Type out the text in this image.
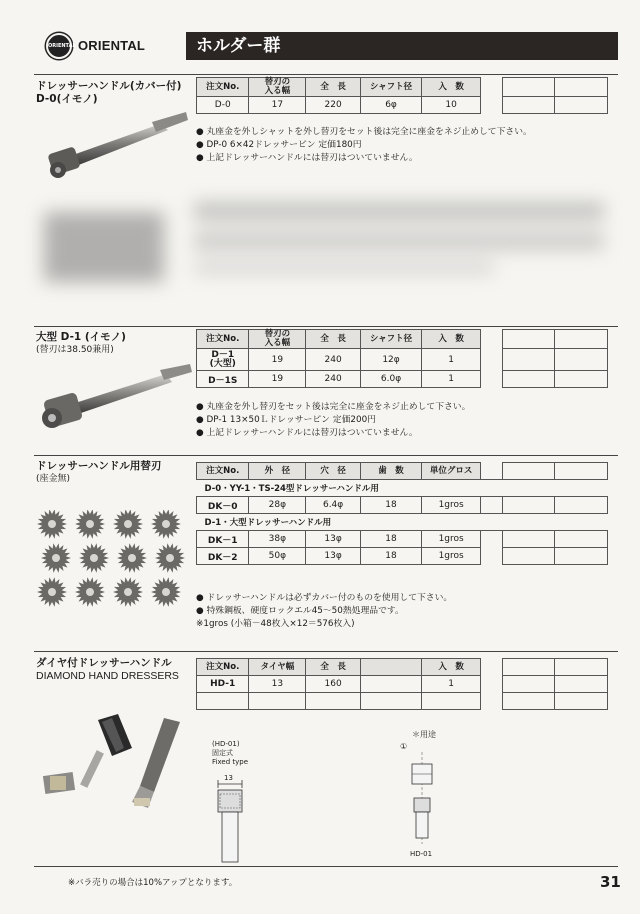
ORIENTAL ORIENTAL	ホルダー群
ドレッサーハンドル(カバー付)
D-0(イモノ)
注文No.	替刃の
入る幅	全　長	シャフト径	入　数			
D-0	17	220	6φ	10			
● 丸座金を外しシャットを外し替刃をセット後は完全に座金をネジ止めして下さい。
● DP-0 6×42ドレッサーピン 定価180円
● 上記ドレッサーハンドルには替刃はついていません。
大型 D-1 (イモノ)
(替刃は38.50兼用)
注文No.	替刃の
入る幅	全　長	シャフト径	入　数			
D－1
(大型)	19	240	12φ	1			
D－1S	19	240	6.0φ	1			
● 丸座金を外し替刃をセット後は完全に座金をネジ止めして下さい。
● DP-1 13×50Ｌドレッサーピン 定価200円
● 上記ドレッサーハンドルには替刃はついていません。
ドレッサーハンドル用替刃
(座金無)
注文No.	外　径	穴　径	歯　数	単位グロス			
D-0・YY-1・TS-24型ドレッサーハンドル用							
DK－0	28φ	6.4φ	18	1gros			
D-1・大型ドレッサーハンドル用							
DK－1	38φ	13φ	18	1gros			
DK－2	50φ	13φ	18	1gros			
● ドレッサーハンドルは必ずカバー付のものを使用して下さい。
● 特殊鋼板、硬度ロックエル45～50熱処理品です。
※1gros (小箱－48枚入×12＝576枚入)
ダイヤ付ドレッサーハンドル
DIAMOND HAND DRESSERS
注文No.	タイヤ幅	全　長		入　数			
HD-1	13	160		1			

(HD-01)
固定式
Fixed type
13
＊用途
①
HD-01
※バラ売りの場合は10%アップとなります。	31
